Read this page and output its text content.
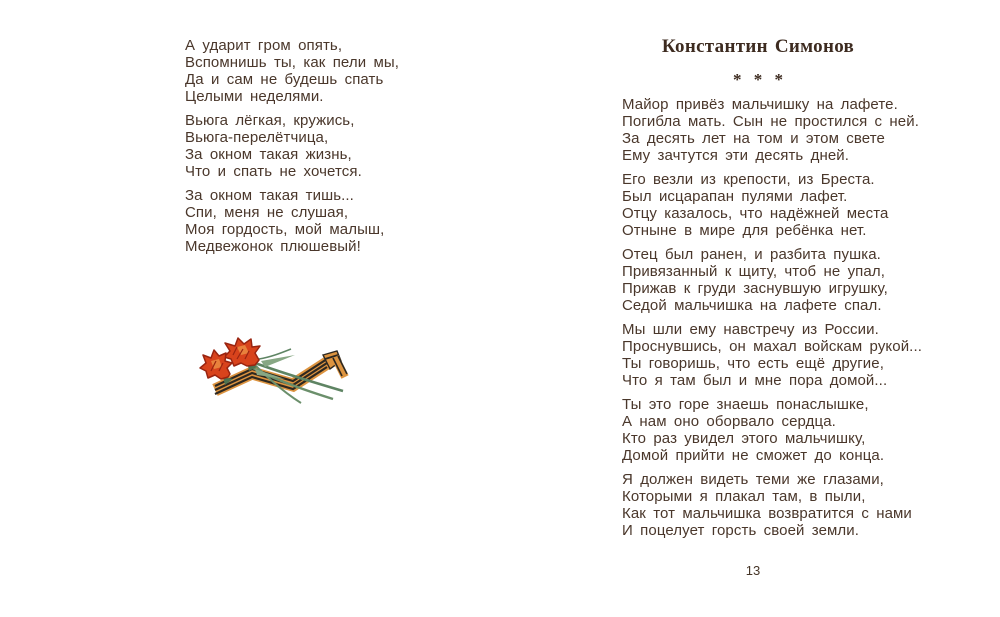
А ударит гром опять,
Вспомнишь ты, как пели мы,
Да и сам не будешь спать
Целыми неделями.
Вьюга лёгкая, кружись,
Вьюга-перелётчица,
За окном такая жизнь,
Что и спать не хочется.
За окном такая тишь...
Спи, меня не слушая,
Моя гордость, мой малыш,
Медвежонок плюшевый!
Константин Симонов
* * *
Майор привёз мальчишку на лафете.
Погибла мать. Сын не простился с ней.
За десять лет на том и этом свете
Ему зачтутся эти десять дней.
Его везли из крепости, из Бреста.
Был исцарапан пулями лафет.
Отцу казалось, что надёжней места
Отныне в мире для ребёнка нет.
Отец был ранен, и разбита пушка.
Привязанный к щиту, чтоб не упал,
Прижав к груди заснувшую игрушку,
Седой мальчишка на лафете спал.
Мы шли ему навстречу из России.
Проснувшись, он махал войскам рукой...
Ты говоришь, что есть ещё другие,
Что я там был и мне пора домой...
Ты это горе знаешь понаслышке,
А нам оно оборвало сердца.
Кто раз увидел этого мальчишку,
Домой прийти не сможет до конца.
Я должен видеть теми же глазами,
Которыми я плакал там, в пыли,
Как тот мальчишка возвратится с нами
И поцелует горсть своей земли.
13
